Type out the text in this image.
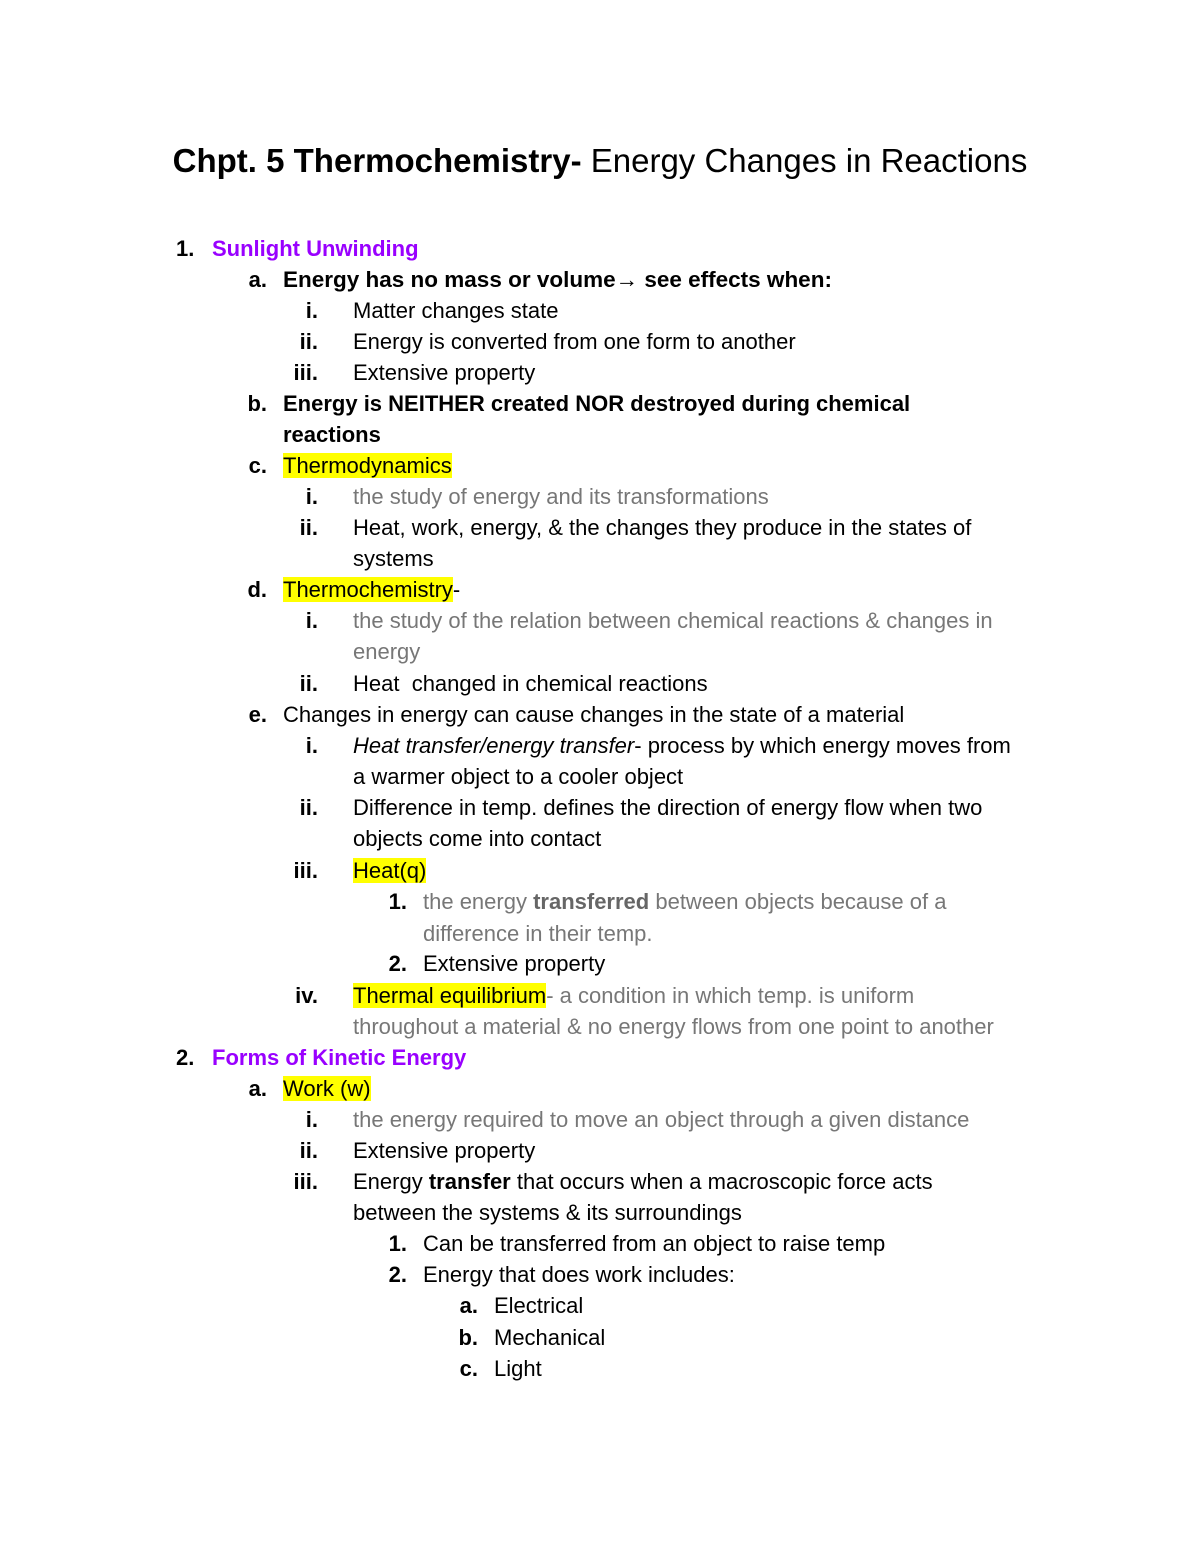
Chpt. 5 Thermochemistry- Energy Changes in Reactions
1. Sunlight Unwinding
a. Energy has no mass or volume→ see effects when:
i. Matter changes state
ii. Energy is converted from one form to another
iii. Extensive property
b. Energy is NEITHER created NOR destroyed during chemical
reactions
c. Thermodynamics
i. the study of energy and its transformations
ii. Heat, work, energy, & the changes they produce in the states of
systems
d. Thermochemistry-
i. the study of the relation between chemical reactions & changes in
energy
ii. Heat  changed in chemical reactions
e. Changes in energy can cause changes in the state of a material
i. Heat transfer/energy transfer- process by which energy moves from
a warmer object to a cooler object
ii. Difference in temp. defines the direction of energy flow when two
objects come into contact
iii. Heat(q)
1. the energy transferred between objects because of a
difference in their temp.
2. Extensive property
iv. Thermal equilibrium- a condition in which temp. is uniform
throughout a material & no energy flows from one point to another
2. Forms of Kinetic Energy
a. Work (w)
i. the energy required to move an object through a given distance
ii. Extensive property
iii. Energy transfer that occurs when a macroscopic force acts
between the systems & its surroundings
1. Can be transferred from an object to raise temp
2. Energy that does work includes:
a. Electrical
b. Mechanical
c. Light
